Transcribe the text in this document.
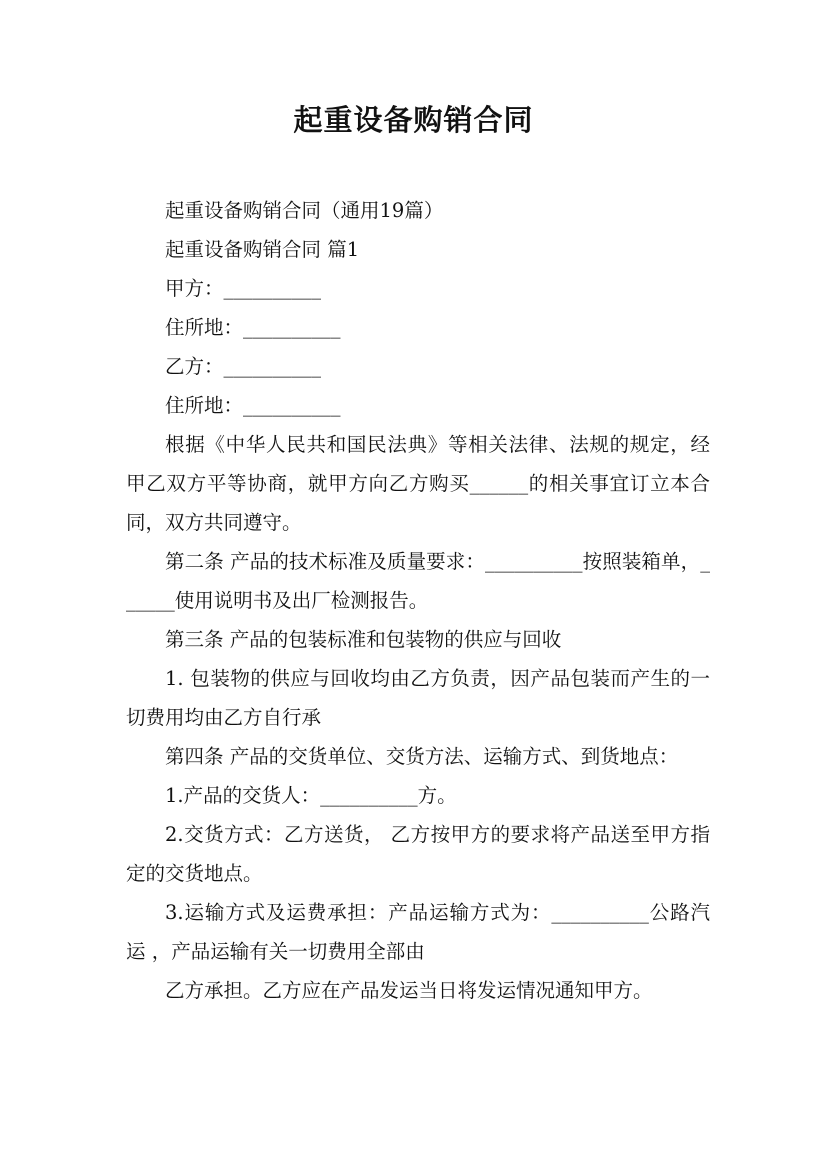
起重设备购销合同

起重设备购销合同（通用19篇）

起重设备购销合同 篇1

甲方：__________

住所地：__________

乙方：__________

住所地：__________

根据《中华人民共和国民法典》等相关法律、法规的规定，经甲乙双方平等协商，就甲方向乙方购买______的相关事宜订立本合同，双方共同遵守。

第二条 产品的技术标准及质量要求：__________按照装箱单，______使用说明书及出厂检测报告。

第三条 产品的包装标准和包装物的供应与回收

1. 包装物的供应与回收均由乙方负责，因产品包装而产生的一切费用均由乙方自行承

第四条 产品的交货单位、交货方法、运输方式、到货地点：

1.产品的交货人：__________方。

2.交货方式：乙方送货， 乙方按甲方的要求将产品送至甲方指定的交货地点。

3.运输方式及运费承担：产品运输方式为：__________公路汽运 ，产品运输有关一切费用全部由

乙方承担。乙方应在产品发运当日将发运情况通知甲方。
